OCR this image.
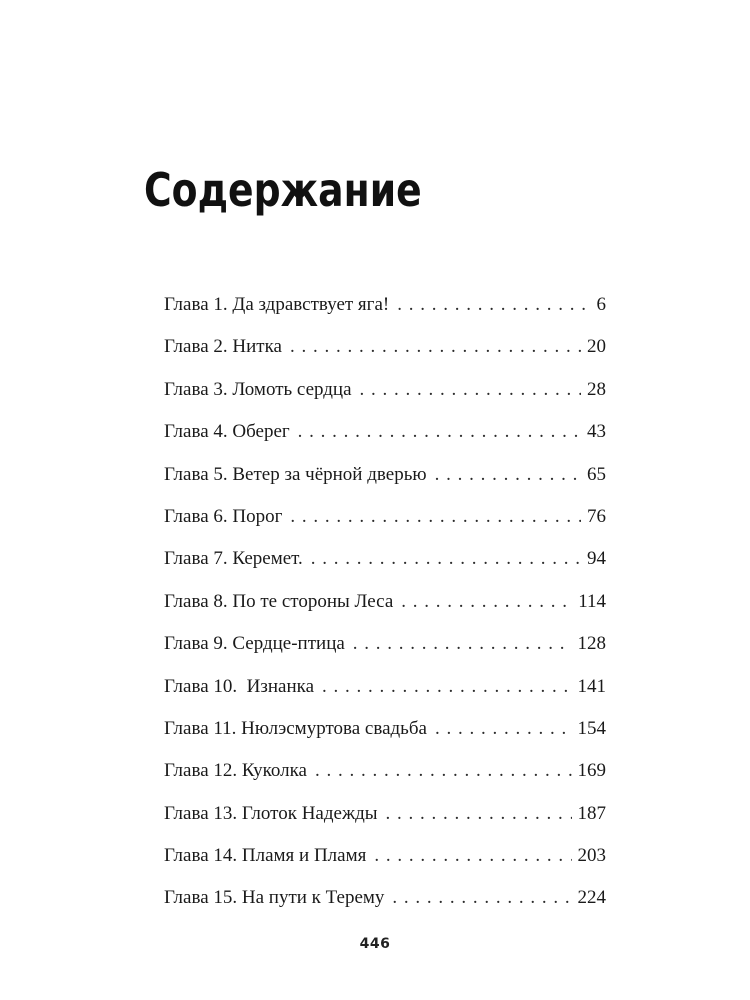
Содержание
Глава 1. Да здравствует яга! . . .	6
Глава 2. Нитка . . .	20
Глава 3. Ломоть сердца . . .	28
Глава 4. Оберег . . .	43
Глава 5. Ветер за чёрной дверью . . .	65
Глава 6. Порог . . .	76
Глава 7. Керемет. . . .	94
Глава 8. По те стороны Леса . . .	114
Глава 9. Сердце-птица . . .	128
Глава 10.  Изнанка . . .	141
Глава 11. Нюлэсмуртова свадьба . . .	154
Глава 12. Куколка . . .	169
Глава 13. Глоток Надежды . . .	187
Глава 14. Пламя и Пламя . . .	203
Глава 15. На пути к Терему . . .	224
446
